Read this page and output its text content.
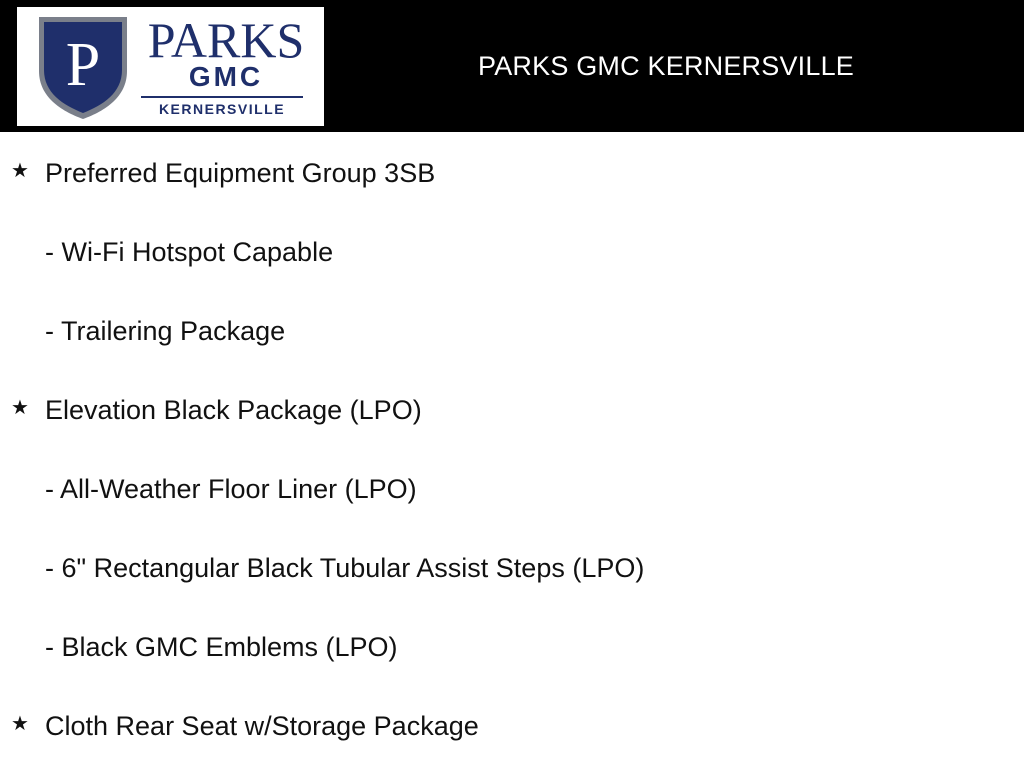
P PARKS
GMC
KERNERSVILLE
PARKS GMC KERNERSVILLE
★ Preferred Equipment Group 3SB
- Wi-Fi Hotspot Capable
- Trailering Package
★ Elevation Black Package (LPO)
- All-Weather Floor Liner (LPO)
- 6" Rectangular Black Tubular Assist Steps (LPO)
- Black GMC Emblems (LPO)
★ Cloth Rear Seat w/Storage Package
